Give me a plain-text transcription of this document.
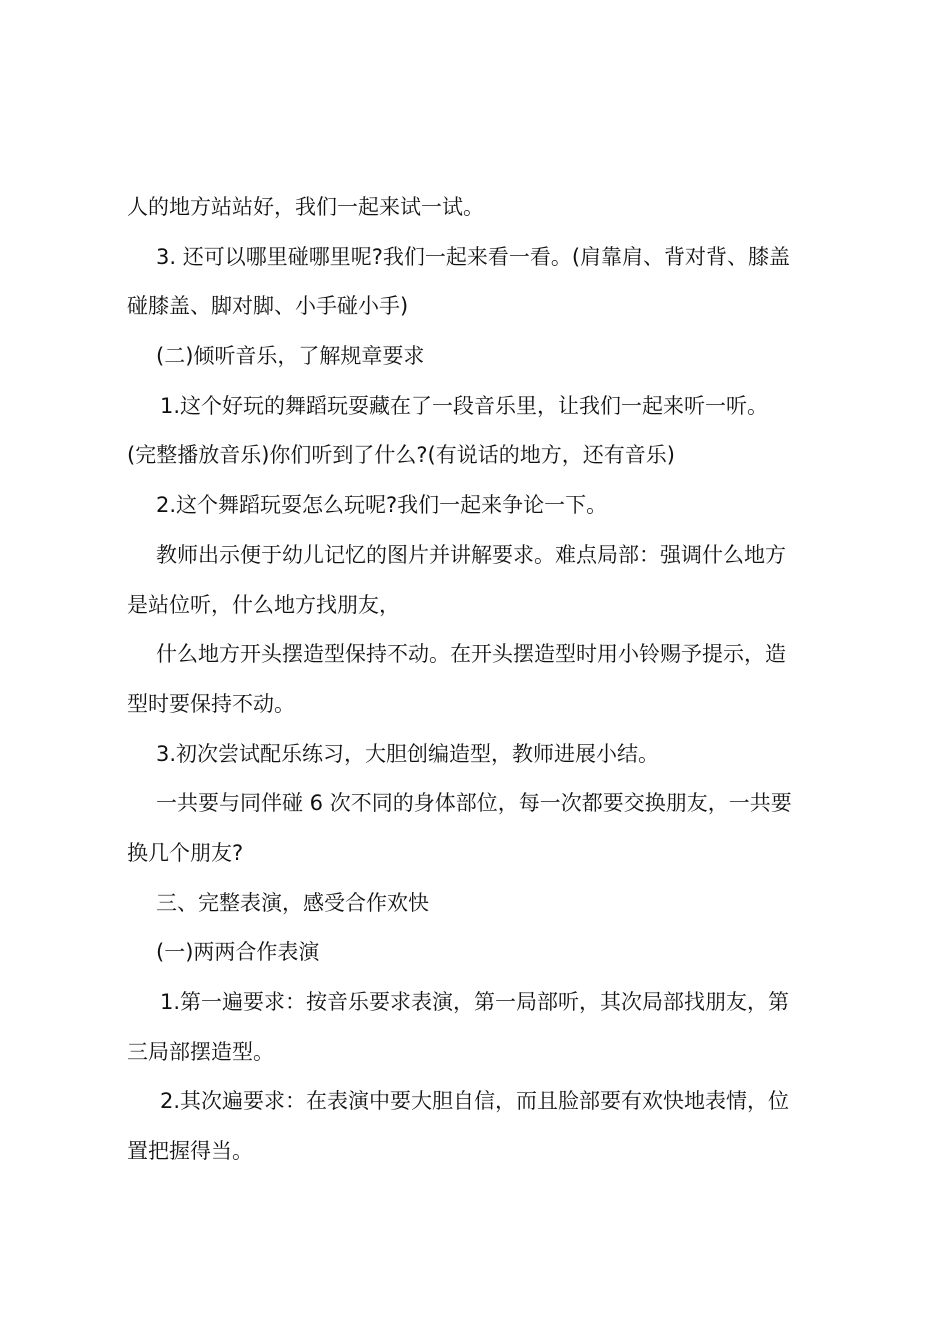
人的地方站站好，我们一起来试一试。
3. 还可以哪里碰哪里呢?我们一起来看一看。(肩靠肩、背对背、膝盖
碰膝盖、脚对脚、小手碰小手)
(二)倾听音乐，了解规章要求
1.这个好玩的舞蹈玩耍藏在了一段音乐里，让我们一起来听一听。
(完整播放音乐)你们听到了什么?(有说话的地方，还有音乐)
2.这个舞蹈玩耍怎么玩呢?我们一起来争论一下。
教师出示便于幼儿记忆的图片并讲解要求。难点局部：强调什么地方
是站位听，什么地方找朋友，
什么地方开头摆造型保持不动。在开头摆造型时用小铃赐予提示，造
型时要保持不动。
3.初次尝试配乐练习，大胆创编造型，教师进展小结。
一共要与同伴碰 6 次不同的身体部位，每一次都要交换朋友，一共要
换几个朋友?
三、完整表演，感受合作欢快
(一)两两合作表演
1.第一遍要求：按音乐要求表演，第一局部听，其次局部找朋友，第
三局部摆造型。
2.其次遍要求：在表演中要大胆自信，而且脸部要有欢快地表情，位
置把握得当。
